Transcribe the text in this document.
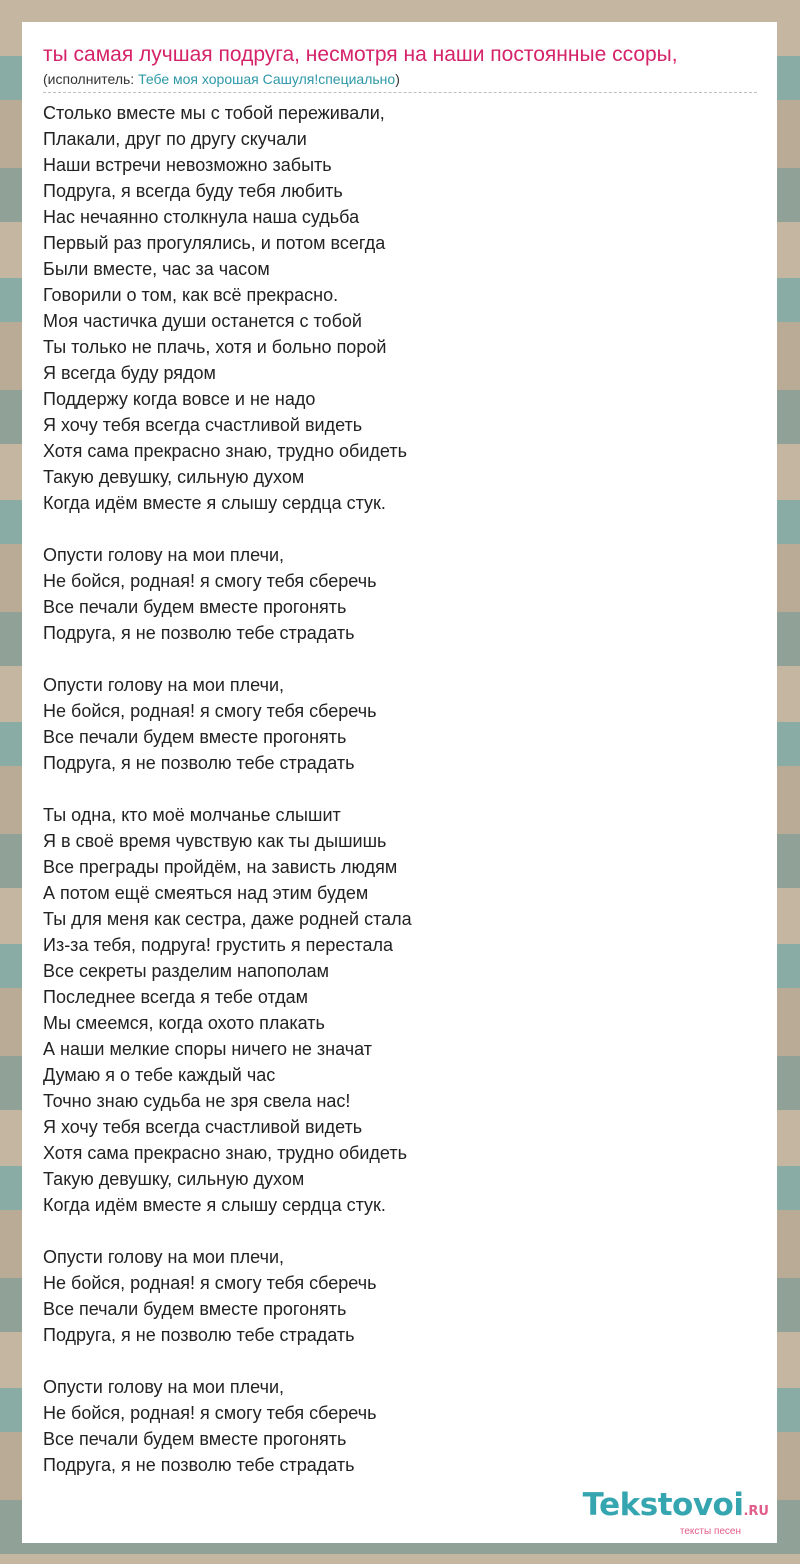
ты самая лучшая подруга, несмотря на наши постоянные ссоры,
(исполнитель: Тебе моя хорошая Сашуля!специально)
Столько вместе мы с тобой переживали,
Плакали, друг по другу скучали
Наши встречи невозможно забыть
Подруга, я всегда буду тебя любить
Нас нечаянно столкнула наша судьба
Первый раз прогулялись, и потом всегда
Были вместе, час за часом
Говорили о том, как всё прекрасно.
Моя частичка души останется с тобой
Ты только не плачь, хотя и больно порой
Я всегда буду рядом
Поддержу когда вовсе и не надо
Я хочу тебя всегда счастливой видеть
Хотя сама прекрасно знаю, трудно обидеть
Такую девушку, сильную духом
Когда идём вместе я слышу сердца стук.
Опусти голову на мои плечи,
Не бойся, родная! я смогу тебя сберечь
Все печали будем вместе прогонять
Подруга, я не позволю тебе страдать
Опусти голову на мои плечи,
Не бойся, родная! я смогу тебя сберечь
Все печали будем вместе прогонять
Подруга, я не позволю тебе страдать
Ты одна, кто моё молчанье слышит
Я в своё время чувствую как ты дышишь
Все преграды пройдём, на зависть людям
А потом ещё смеяться над этим будем
Ты для меня как сестра, даже родней стала
Из-за тебя, подруга! грустить я перестала
Все секреты разделим напополам
Последнее всегда я тебе отдам
Мы смеемся, когда охото плакать
А наши мелкие споры ничего не значат
Думаю я о тебе каждый час
Точно знаю судьба не зря свела нас!
Я хочу тебя всегда счастливой видеть
Хотя сама прекрасно знаю, трудно обидеть
Такую девушку, сильную духом
Когда идём вместе я слышу сердца стук.
Опусти голову на мои плечи,
Не бойся, родная! я смогу тебя сберечь
Все печали будем вместе прогонять
Подруга, я не позволю тебе страдать
Опусти голову на мои плечи,
Не бойся, родная! я смогу тебя сберечь
Все печали будем вместе прогонять
Подруга, я не позволю тебе страдать
Tekstovoi.RU
тексты песен
